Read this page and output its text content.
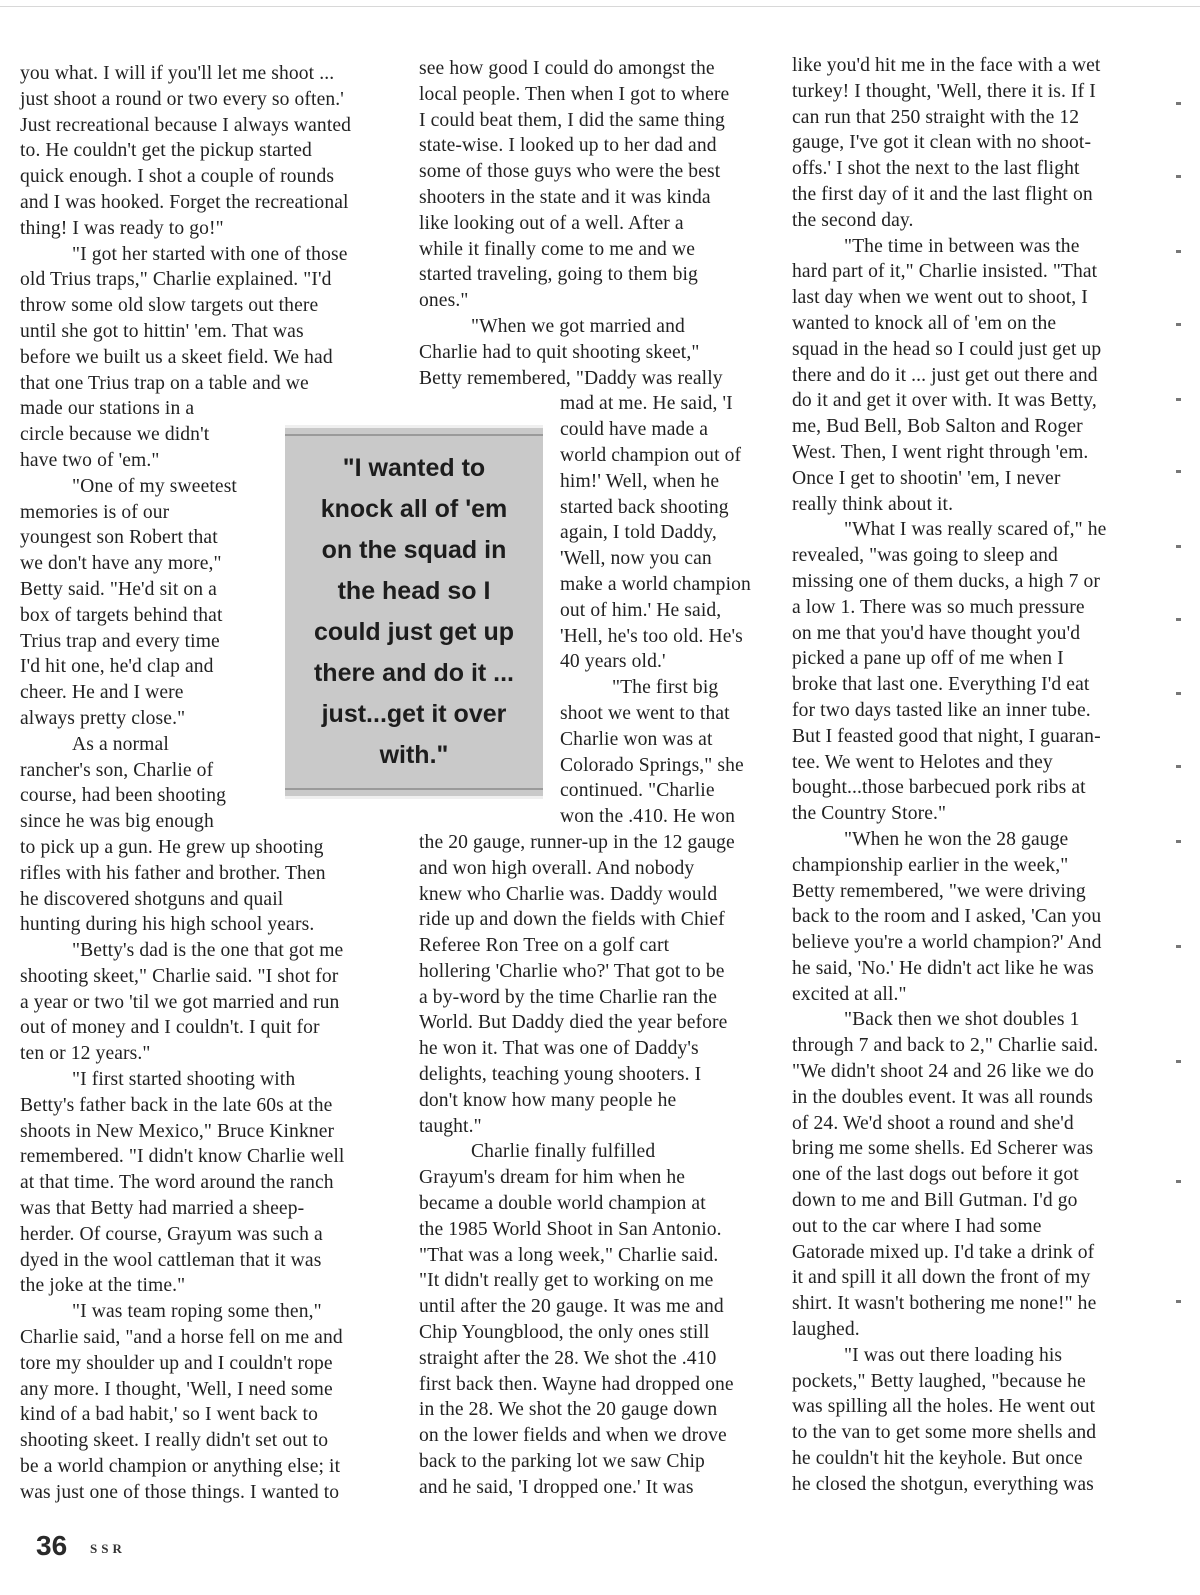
you what. I will if you'll let me shoot ...
just shoot a round or two every so often.'
Just recreational because I always wanted
to. He couldn't get the pickup started
quick enough. I shot a couple of rounds
and I was hooked. Forget the recreational
thing! I was ready to go!"
"I got her started with one of those
old Trius traps," Charlie explained. "I'd
throw some old slow targets out there
until she got to hittin' 'em. That was
before we built us a skeet field. We had
that one Trius trap on a table and we
made our stations in a
circle because we didn't
have two of 'em."
"One of my sweetest
memories is of our
youngest son Robert that
we don't have any more,"
Betty said. "He'd sit on a
box of targets behind that
Trius trap and every time
I'd hit one, he'd clap and
cheer. He and I were
always pretty close."
As a normal
rancher's son, Charlie of
course, had been shooting
since he was big enough
to pick up a gun. He grew up shooting
rifles with his father and brother. Then
he discovered shotguns and quail
hunting during his high school years.
"Betty's dad is the one that got me
shooting skeet," Charlie said. "I shot for
a year or two 'til we got married and run
out of money and I couldn't. I quit for
ten or 12 years."
"I first started shooting with
Betty's father back in the late 60s at the
shoots in New Mexico," Bruce Kinkner
remembered. "I didn't know Charlie well
at that time. The word around the ranch
was that Betty had married a sheep-
herder. Of course, Grayum was such a
dyed in the wool cattleman that it was
the joke at the time."
"I was team roping some then,"
Charlie said, "and a horse fell on me and
tore my shoulder up and I couldn't rope
any more. I thought, 'Well, I need some
kind of a bad habit,' so I went back to
shooting skeet. I really didn't set out to
be a world champion or anything else; it
was just one of those things. I wanted to
see how good I could do amongst the
local people. Then when I got to where
I could beat them, I did the same thing
state-wise. I looked up to her dad and
some of those guys who were the best
shooters in the state and it was kinda
like looking out of a well. After a
while it finally come to me and we
started traveling, going to them big
ones."
"When we got married and
Charlie had to quit shooting skeet,"
Betty remembered, "Daddy was really
mad at me. He said, 'I
could have made a
world champion out of
him!' Well, when he
started back shooting
again, I told Daddy,
'Well, now you can
make a world champion
out of him.' He said,
'Hell, he's too old. He's
40 years old.'
"The first big
shoot we went to that
Charlie won was at
Colorado Springs," she
continued. "Charlie
won the .410. He won
the 20 gauge, runner-up in the 12 gauge
and won high overall. And nobody
knew who Charlie was. Daddy would
ride up and down the fields with Chief
Referee Ron Tree on a golf cart
hollering 'Charlie who?' That got to be
a by-word by the time Charlie ran the
World. But Daddy died the year before
he won it. That was one of Daddy's
delights, teaching young shooters. I
don't know how many people he
taught."
Charlie finally fulfilled
Grayum's dream for him when he
became a double world champion at
the 1985 World Shoot in San Antonio.
"That was a long week," Charlie said.
"It didn't really get to working on me
until after the 20 gauge. It was me and
Chip Youngblood, the only ones still
straight after the 28. We shot the .410
first back then. Wayne had dropped one
in the 28. We shot the 20 gauge down
on the lower fields and when we drove
back to the parking lot we saw Chip
and he said, 'I dropped one.' It was
like you'd hit me in the face with a wet
turkey! I thought, 'Well, there it is. If I
can run that 250 straight with the 12
gauge, I've got it clean with no shoot-
offs.' I shot the next to the last flight
the first day of it and the last flight on
the second day.
"The time in between was the
hard part of it," Charlie insisted. "That
last day when we went out to shoot, I
wanted to knock all of 'em on the
squad in the head so I could just get up
there and do it ... just get out there and
do it and get it over with. It was Betty,
me, Bud Bell, Bob Salton and Roger
West. Then, I went right through 'em.
Once I get to shootin' 'em, I never
really think about it.
"What I was really scared of," he
revealed, "was going to sleep and
missing one of them ducks, a high 7 or
a low 1. There was so much pressure
on me that you'd have thought you'd
picked a pane up off of me when I
broke that last one. Everything I'd eat
for two days tasted like an inner tube.
But I feasted good that night, I guaran-
tee. We went to Helotes and they
bought...those barbecued pork ribs at
the Country Store."
"When he won the 28 gauge
championship earlier in the week,"
Betty remembered, "we were driving
back to the room and I asked, 'Can you
believe you're a world champion?' And
he said, 'No.' He didn't act like he was
excited at all."
"Back then we shot doubles 1
through 7 and back to 2," Charlie said.
"We didn't shoot 24 and 26 like we do
in the doubles event. It was all rounds
of 24. We'd shoot a round and she'd
bring me some shells. Ed Scherer was
one of the last dogs out before it got
down to me and Bill Gutman. I'd go
out to the car where I had some
Gatorade mixed up. I'd take a drink of
it and spill it all down the front of my
shirt. It wasn't bothering me none!" he
laughed.
"I was out there loading his
pockets," Betty laughed, "because he
was spilling all the holes. He went out
to the van to get some more shells and
he couldn't hit the keyhole. But once
he closed the shotgun, everything was
"I wanted to
knock all of 'em
on the squad in
the head so I
could just get up
there and do it ...
just...get it over
with."
36 SSR
